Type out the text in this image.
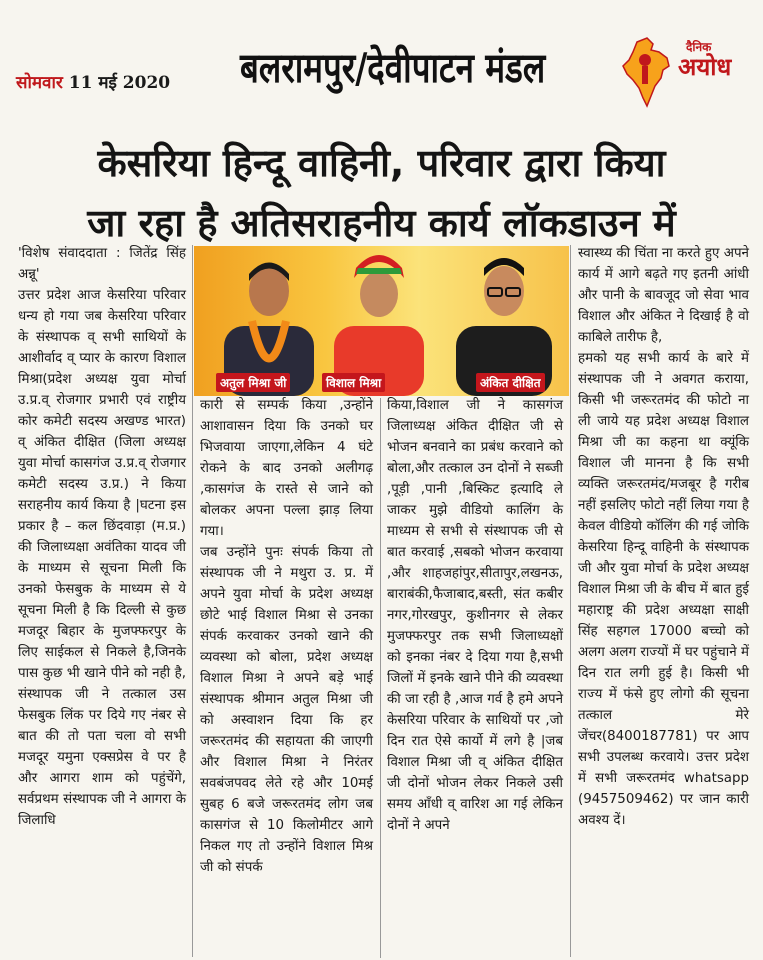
सोमवार 11 मई 2020 बलरामपुर/देवीपाटन मंडल	दैनिक
अयोध
केसरिया हिन्दू वाहिनी, परिवार द्वारा किया
जा रहा है अतिसराहनीय कार्य लॉकडाउन में
अतुल मिश्रा जी	विशाल मिश्रा	अंकित दीक्षित

'विशेष संवाददाता : जितेंद्र सिंह अन्नू'
उत्तर प्रदेश आज केसरिया परिवार धन्य हो गया जब केसरिया परिवार के संस्थापक व् सभी साथियों के आशीर्वाद व् प्यार के कारण विशाल मिश्रा(प्रदेश अध्यक्ष युवा मोर्चा उ.प्र.व् रोजगार प्रभारी एवं राष्ट्रीय कोर कमेटी सदस्य अखण्ड भारत) व् अंकित दीक्षित (जिला अध्यक्ष युवा मोर्चा कासगंज उ.प्र.व् रोजगार कमेटी सदस्य उ.प्र.) ने किया सराहनीय कार्य किया है |घटना इस प्रकार है – कल छिंदवाड़ा (म.प्र.) की जिलाध्यक्षा अवंतिका यादव जी के माध्यम से सूचना मिली कि उनको फेसबुक के माध्यम से ये सूचना मिली है कि दिल्ली से कुछ मजदूर बिहार के मुजफ्फरपुर के लिए साईकल से निकले है,जिनके पास कुछ भी खाने पीने को नही है, संस्थापक जी ने तत्काल उस फेसबुक लिंक पर दिये गए नंबर से बात की तो पता चला वो सभी मजदूर यमुना एक्सप्रेस वे पर है और आगरा शाम को पहुंचेंगे, सर्वप्रथम संस्थापक जी ने आगरा के जिलाधि

कारी से सम्पर्क किया ,उन्होंने आशावासन दिया कि उनको घर भिजवाया जाएगा,लेकिन 4 घंटे रोकने के बाद उनको अलीगढ़ ,कासगंज के रास्ते से जाने को बोलकर अपना पल्ला झाड़ लिया गया।
जब उन्होंने पुनः संपर्क किया तो संस्थापक जी ने मथुरा उ. प्र. में अपने युवा मोर्चा के प्रदेश अध्यक्ष छोटे भाई विशाल मिश्रा से उनका संपर्क करवाकर उनको खाने की व्यवस्था को बोला, प्रदेश अध्यक्ष विशाल मिश्रा ने अपने बड़े भाई संस्थापक श्रीमान अतुल मिश्रा जी को अस्वाशन दिया कि हर जरूरतमंद की सहायता की जाएगी और विशाल मिश्रा ने निरंतर सवबंजपवद लेते रहे और 10मई सुबह 6 बजे जरूरतमंद लोग जब कासगंज से 10 किलोमीटर आगे निकल गए तो उन्होंने विशाल मिश्र जी को संपर्क

किया,विशाल जी ने कासगंज जिलाध्यक्ष अंकित दीक्षित जी से भोजन बनवाने का प्रबंध करवाने को बोला,और तत्काल उन दोनों ने सब्जी ,पूड़ी ,पानी ,बिस्किट इत्यादि ले जाकर मुझे वीडियो कालिंग के माध्यम से सभी से संस्थापक जी से बात करवाई ,सबको भोजन करवाया ,और शाहजहांपुर,सीतापुर,लखनऊ, बाराबंकी,फैजाबाद,बस्ती, संत कबीर नगर,गोरखपुर, कुशीनगर से लेकर मुजफ्फरपुर तक सभी जिलाध्यक्षों को इनका नंबर दे दिया गया है,सभी जिलों में इनके खाने पीने की व्यवस्था की जा रही है ,आज गर्व है हमे अपने केसरिया परिवार के साथियों पर ,जो दिन रात ऐसे कार्यो में लगे है |जब विशाल मिश्रा जी व् अंकित दीक्षित जी दोनों भोजन लेकर निकले उसी समय आँधी व् वारिश आ गई लेकिन दोनों ने अपने

स्वास्थ्य की चिंता ना करते हुए अपने कार्य में आगे बढ़ते गए इतनी आंधी और पानी के बावजूद जो सेवा भाव विशाल और अंकित ने दिखाई है वो काबिले तारीफ है,
हमको यह सभी कार्य के बारे में संस्थापक जी ने अवगत कराया, किसी भी जरूरतमंद की फोटो ना ली जाये यह प्रदेश अध्यक्ष विशाल मिश्रा जी का कहना था क्यूंकि विशाल जी मानना है कि सभी व्यक्ति जरूरतमंद/मजबूर है गरीब नहीं इसलिए फोटो नहीं लिया गया है केवल वीडियो कॉलिंग की गई जोकि केसरिया हिन्दू वाहिनी के संस्थापक जी और युवा मोर्चा के प्रदेश अध्यक्ष विशाल मिश्रा जी के बीच में बात हुई महाराष्ट्र की प्रदेश अध्यक्षा साक्षी सिंह सहगल 17000 बच्चो को अलग अलग राज्यों में घर पहुंचाने में दिन रात लगी हुई है। किसी भी राज्य में फंसे हुए लोगो की सूचना तत्काल मेरे जेंचर(8400187781) पर आप सभी उपलब्ध करवाये। उत्तर प्रदेश में सभी जरूरतमंद whatsapp (9457509462) पर जान कारी अवश्य दें।
